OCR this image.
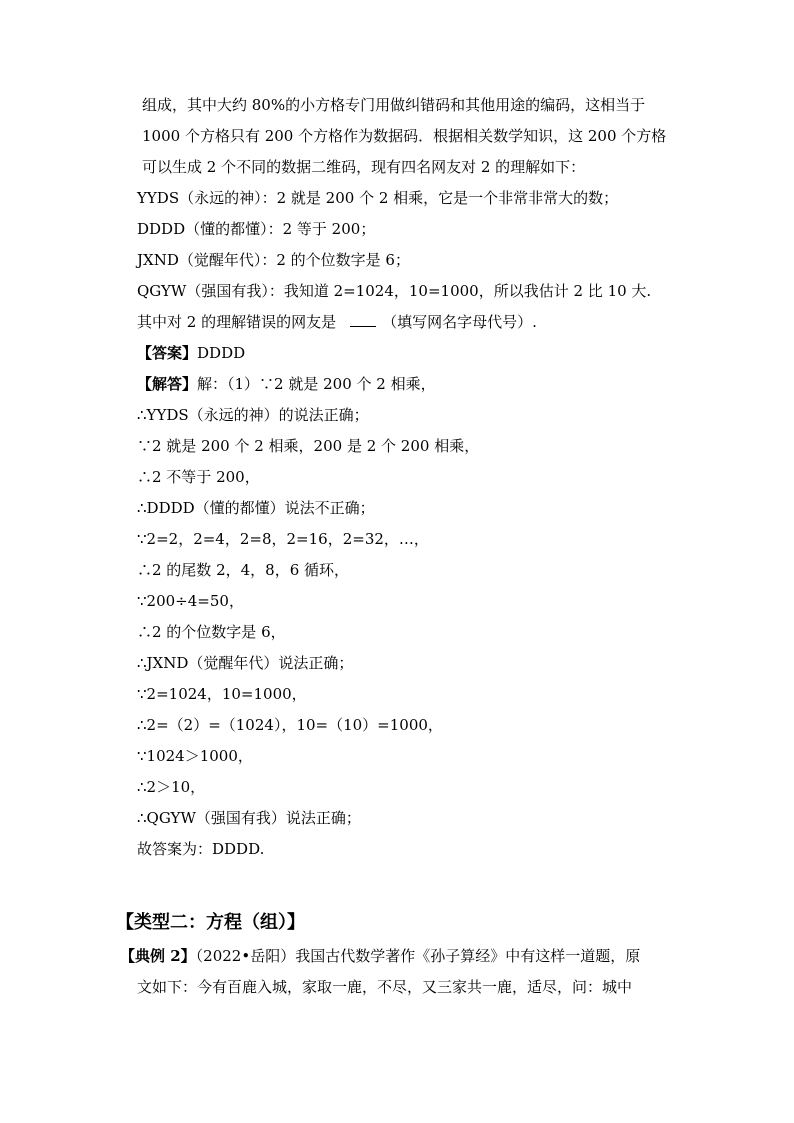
组成，其中大约 80%的小方格专门用做纠错码和其他用途的编码，这相当于
1000 个方格只有 200 个方格作为数据码．根据相关数学知识，这 200 个方格
可以生成 2 个不同的数据二维码，现有四名网友对 2 的理解如下：
YYDS（永远的神）：2 就是 200 个 2 相乘，它是一个非常非常大的数；
DDDD（懂的都懂）：2 等于 200；
JXND（觉醒年代）：2 的个位数字是 6；
QGYW（强国有我）：我知道 2=1024，10=1000，所以我估计 2 比 10 大.
其中对 2 的理解错误的网友是	（填写网名字母代号）.
【答案】DDDD
【解答】解：（1）∵2 就是 200 个 2 相乘，
∴YYDS（永远的神）的说法正确；
∵2 就是 200 个 2 相乘，200 是 2 个 200 相乘，
∴2 不等于 200，
∴DDDD（懂的都懂）说法不正确；
∵2=2，2=4，2=8，2=16，2=32，…，
∴2 的尾数 2，4，8，6 循环，
∵200÷4=50，
∴2 的个位数字是 6，
∴JXND（觉醒年代）说法正确；
∵2=1024，10=1000，
∴2=（2）=（1024），10=（10）=1000，
∵1024＞1000，
∴2＞10，
∴QGYW（强国有我）说法正确；
故答案为：DDDD.
【类型二：方程（组）】
【典例 2】（2022•岳阳）我国古代数学著作《孙子算经》中有这样一道题，原
文如下：今有百鹿入城，家取一鹿，不尽，又三家共一鹿，适尽，问：城中
